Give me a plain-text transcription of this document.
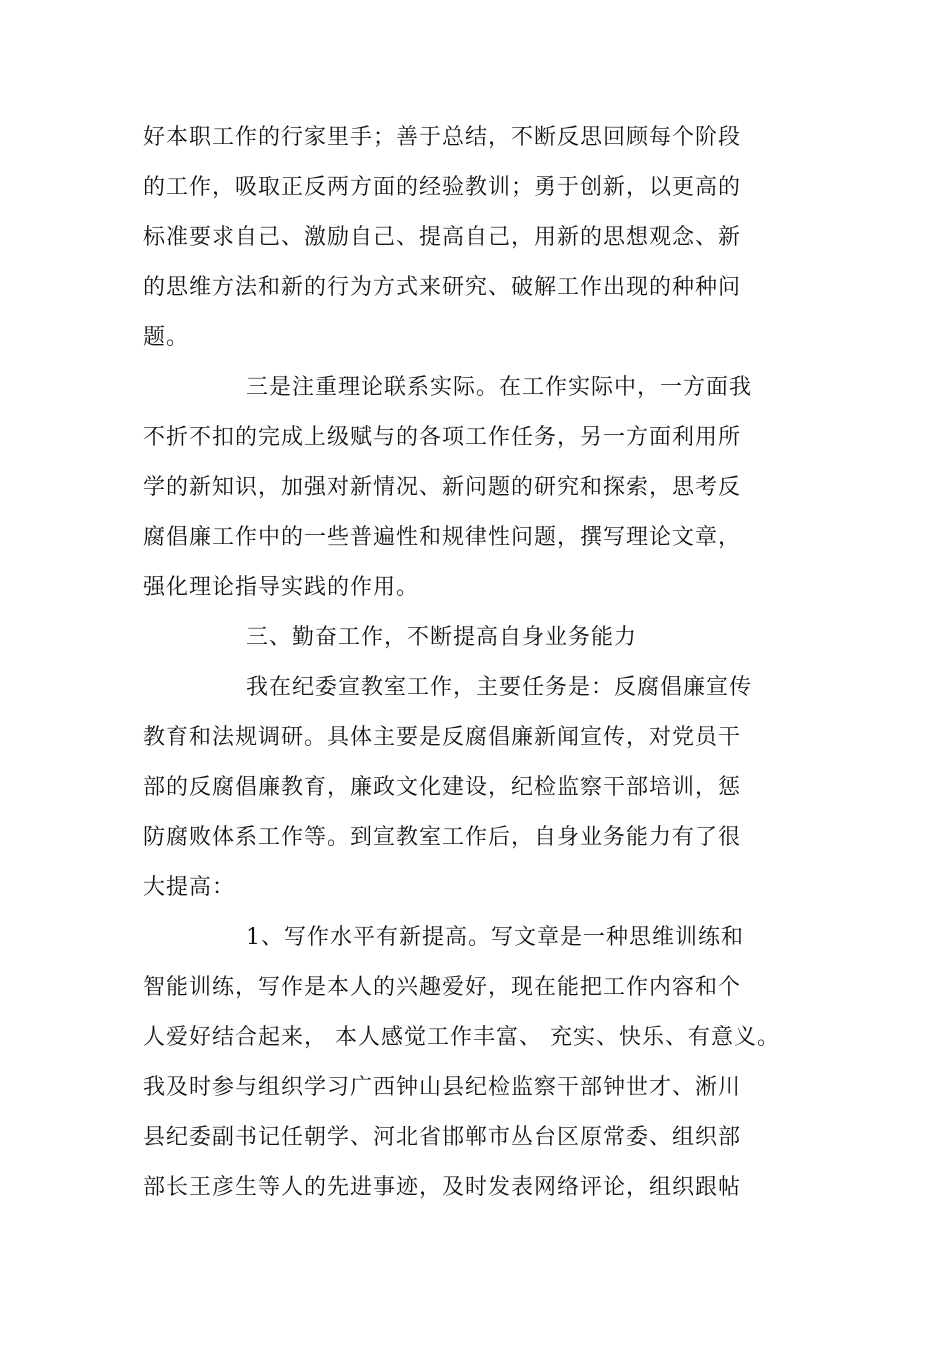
好本职工作的行家里手；善于总结，不断反思回顾每个阶段
的工作，吸取正反两方面的经验教训；勇于创新，以更高的
标准要求自己、激励自己、提高自己，用新的思想观念、新
的思维方法和新的行为方式来研究、破解工作出现的种种问
题。
三是注重理论联系实际。在工作实际中，一方面我
不折不扣的完成上级赋与的各项工作任务，另一方面利用所
学的新知识，加强对新情况、新问题的研究和探索，思考反
腐倡廉工作中的一些普遍性和规律性问题，撰写理论文章，
强化理论指导实践的作用。
三、勤奋工作，不断提高自身业务能力
我在纪委宣教室工作，主要任务是：反腐倡廉宣传
教育和法规调研。具体主要是反腐倡廉新闻宣传，对党员干
部的反腐倡廉教育，廉政文化建设，纪检监察干部培训，惩
防腐败体系工作等。到宣教室工作后，自身业务能力有了很
大提高：
1、写作水平有新提高。写文章是一种思维训练和
智能训练，写作是本人的兴趣爱好，现在能把工作内容和个
人爱好结合起来， 本人感觉工作丰富、 充实、快乐、有意义。
我及时参与组织学习广西钟山县纪检监察干部钟世才、淅川
县纪委副书记任朝学、河北省邯郸市丛台区原常委、组织部
部长王彦生等人的先进事迹，及时发表网络评论，组织跟帖
